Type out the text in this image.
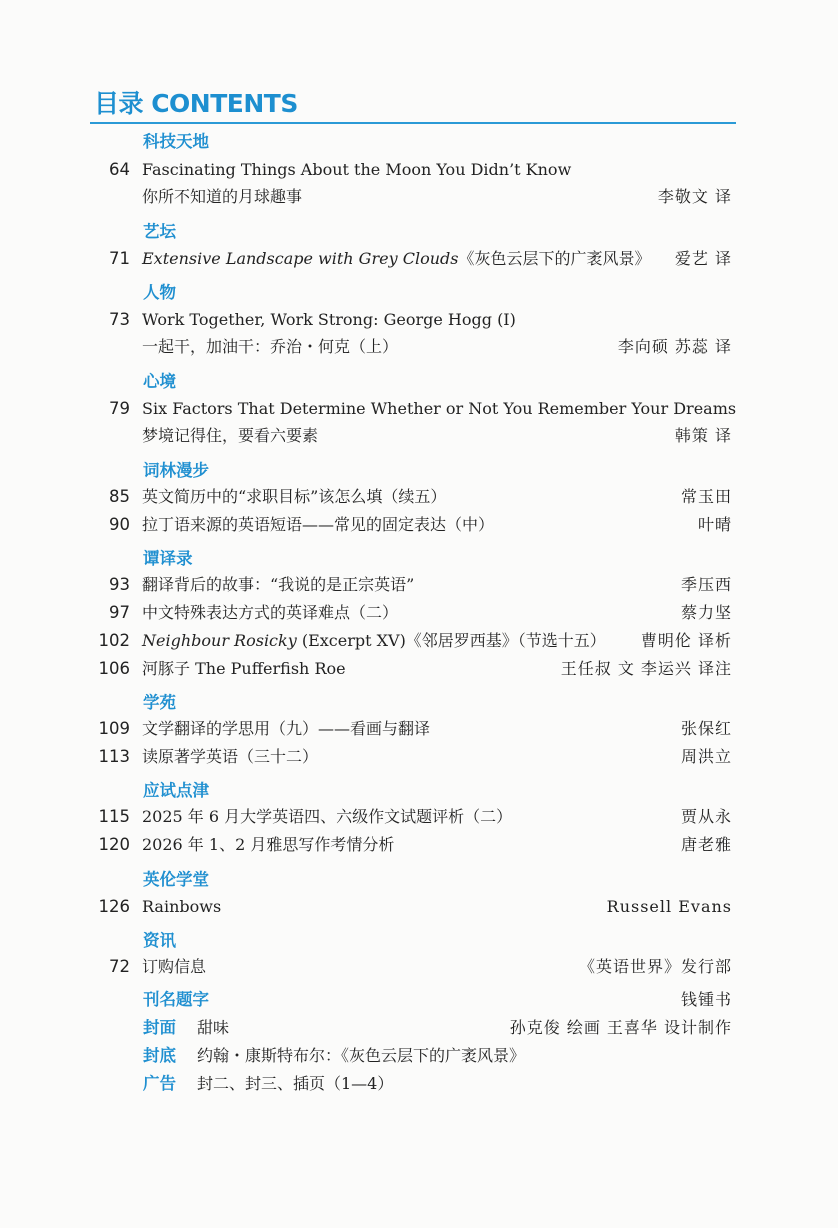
目录 CONTENTS
科技天地
64 Fascinating Things About the Moon You Didn’t Know
你所不知道的月球趣事	李敬文 译
艺坛
71 Extensive Landscape with Grey Clouds《灰色云层下的广袤风景》 爱艺 译
人物
73 Work Together, Work Strong: George Hogg (I)
一起干，加油干：乔治・何克（上）	李向硕 苏蕊 译
心境
79 Six Factors That Determine Whether or Not You Remember Your Dreams
梦境记得住，要看六要素	韩策 译
词林漫步
85 英文简历中的“求职目标”该怎么填（续五）	常玉田
90 拉丁语来源的英语短语——常见的固定表达（中）	叶晴
谭译录
93 翻译背后的故事：“我说的是正宗英语”	季压西
97 中文特殊表达方式的英译难点（二）	蔡力坚
102 Neighbour Rosicky (Excerpt XV)《邻居罗西基》（节选十五） 曹明伦 译析
106 河豚子 The Pufferfish Roe	王任叔 文 李运兴 译注
学苑
109 文学翻译的学思用（九）——看画与翻译	张保红
113 读原著学英语（三十二）	周洪立
应试点津
115 2025 年 6 月大学英语四、六级作文试题评析（二）	贾从永
120 2026 年 1、2 月雅思写作考情分析	唐老雅
英伦学堂
126 Rainbows	Russell Evans
资讯
72 订购信息	《英语世界》发行部
刊名题字	钱锺书
封面 甜味	孙克俊 绘画 王喜华 设计制作
封底 约翰・康斯特布尔：《灰色云层下的广袤风景》
广告 封二、封三、插页（1—4）
